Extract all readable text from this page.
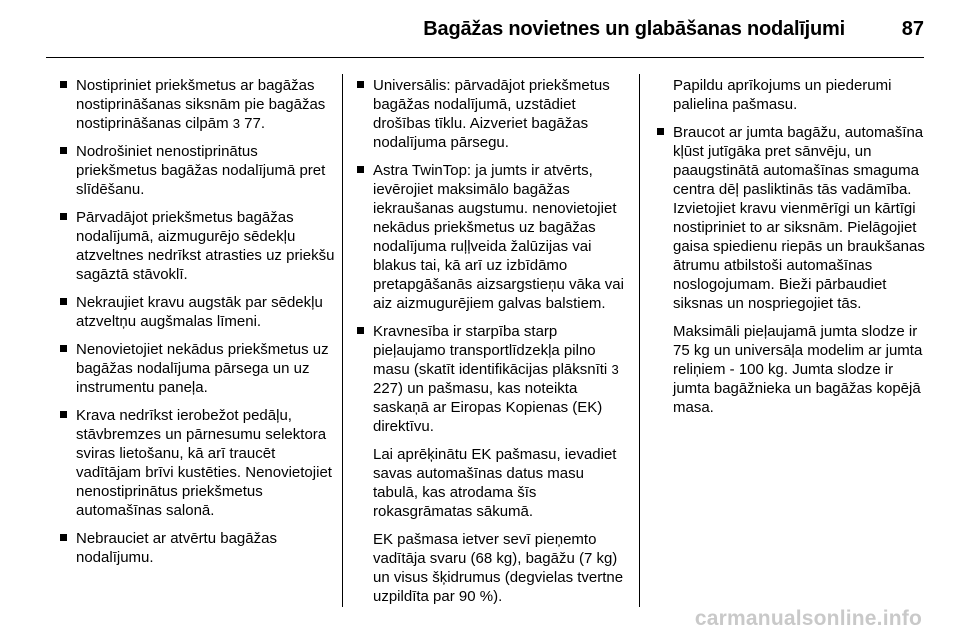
Bagāžas novietnes un glabāšanas nodalījumi	87
Nostipriniet priekšmetus ar bagāžas nostiprināšanas siksnām pie bagāžas nostiprināšanas cilpām 3 77.
Nodrošiniet nenostiprinātus priekšmetus bagāžas nodalījumā pret slīdēšanu.
Pārvadājot priekšmetus bagāžas nodalījumā, aizmugurējo sēdekļu atzveltnes nedrīkst atrasties uz priekšu sagāztā stāvoklī.
Nekraujiet kravu augstāk par sēdekļu atzveltņu augšmalas līmeni.
Nenovietojiet nekādus priekšmetus uz bagāžas nodalījuma pārsega un uz instrumentu paneļa.
Krava nedrīkst ierobežot pedāļu, stāvbremzes un pārnesumu selektora sviras lietošanu, kā arī traucēt vadītājam brīvi kustēties. Nenovietojiet nenostiprinātus priekšmetus automašīnas salonā.
Nebrauciet ar atvērtu bagāžas nodalījumu.
Universālis: pārvadājot priekšmetus bagāžas nodalījumā, uzstādiet drošības tīklu. Aizveriet bagāžas nodalījuma pārsegu.
Astra TwinTop: ja jumts ir atvērts, ievērojiet maksimālo bagāžas iekraušanas augstumu. nenovietojiet nekādus priekšmetus uz bagāžas nodalījuma ruļļveida žalūzijas vai blakus tai, kā arī uz izbīdāmo pretapgāšanās aizsargstieņu vāka vai aiz aizmugurējiem galvas balstiem.
Kravnesība ir starpība starp pieļaujamo transportlīdzekļa pilno masu (skatīt identifikācijas plāksnīti 3 227) un pašmasu, kas noteikta saskaņā ar Eiropas Kopienas (EK) direktīvu.
Lai aprēķinātu EK pašmasu, ievadiet savas automašīnas datus masu tabulā, kas atrodama šīs rokasgrāmatas sākumā.
EK pašmasa ietver sevī pieņemto vadītāja svaru (68 kg), bagāžu (7 kg) un visus šķidrumus (degvielas tvertne uzpildīta par 90 %).
Papildu aprīkojums un piederumi palielina pašmasu.
Braucot ar jumta bagāžu, automašīna kļūst jutīgāka pret sānvēju, un paaugstinātā automašīnas smaguma centra dēļ pasliktinās tās vadāmība. Izvietojiet kravu vienmērīgi un kārtīgi nostipriniet to ar siksnām. Pielāgojiet gaisa spiedienu riepās un braukšanas ātrumu atbilstoši automašīnas noslogojumam. Bieži pārbaudiet siksnas un nospriegojiet tās.
Maksimāli pieļaujamā jumta slodze ir 75 kg un universāļa modelim ar jumta reliņiem - 100 kg. Jumta slodze ir jumta bagāžnieka un bagāžas kopējā masa.
carmanualsonline.info
